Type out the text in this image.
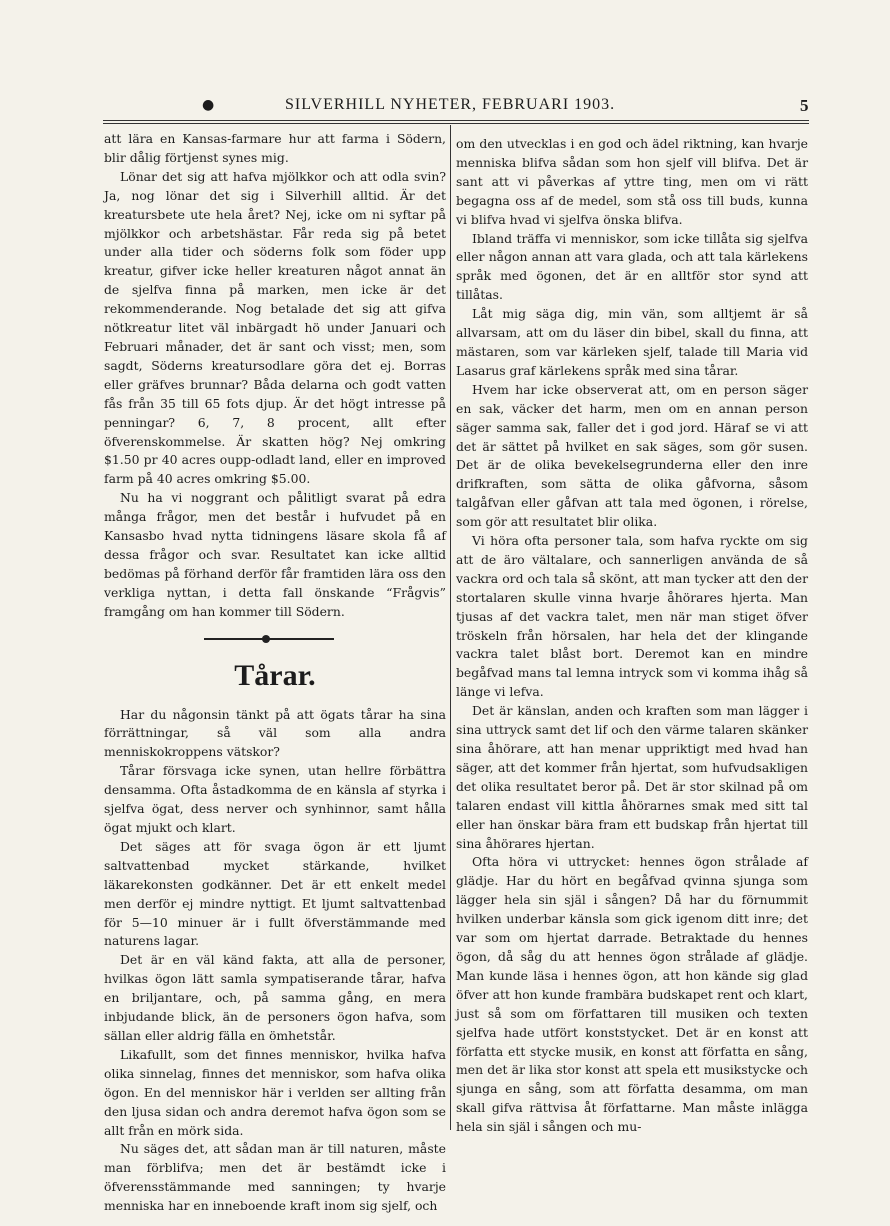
●	SILVERHILL NYHETER, FEBRUARI 1903.	5

att lära en Kansas-farmare hur att farma i Södern, blir dålig förtjenst synes mig.

Lönar det sig att hafva mjölkkor och att odla svin? Ja, nog lönar det sig i Silverhill alltid. Är det kreatursbete ute hela året? Nej, icke om ni syftar på mjölkkor och arbetshästar. Får reda sig på betet under alla tider och söderns folk som föder upp kreatur, gifver icke heller kreaturen något annat än de sjelfva finna på marken, men icke är det rekommenderande. Nog betalade det sig att gifva nötkreatur litet väl inbärgadt hö under Januari och Februari månader, det är sant och visst; men, som sagdt, Söderns kreatursodlare göra det ej. Borras eller gräfves brunnar? Båda delarna och godt vatten fås från 35 till 65 fots djup. Är det högt intresse på penningar? 6, 7, 8 procent, allt efter öfverenskommelse. Är skatten hög? Nej omkring $1.50 pr 40 acres oupp-odladt land, eller en improved farm på 40 acres omkring $5.00.

Nu ha vi noggrant och pålitligt svarat på edra många frågor, men det består i hufvudet på en Kansasbo hvad nytta tidningens läsare skola få af dessa frågor och svar. Resultatet kan icke alltid bedömas på förhand derför får framtiden lära oss den verkliga nyttan, i detta fall önskande “Frågvis” framgång om han kommer till Södern.

Tårar.

Har du någonsin tänkt på att ögats tårar ha sina förrättningar, så väl som alla andra menniskokroppens vätskor?

Tårar försvaga icke synen, utan hellre förbättra densamma. Ofta åstadkomma de en känsla af styrka i sjelfva ögat, dess nerver och synhinnor, samt hålla ögat mjukt och klart.

Det säges att för svaga ögon är ett ljumt saltvattenbad mycket stärkande, hvilket läkarekonsten godkänner. Det är ett enkelt medel men derför ej mindre nyttigt. Et ljumt saltvattenbad för 5—10 minuer är i fullt öfverstämmande med naturens lagar.

Det är en väl känd fakta, att alla de personer, hvilkas ögon lätt samla sympatiserande tårar, hafva en briljantare, och, på samma gång, en mera inbjudande blick, än de personers ögon hafva, som sällan eller aldrig fälla en ömhetstår.

Likafullt, som det finnes menniskor, hvilka hafva olika sinnelag, finnes det menniskor, som hafva olika ögon. En del menniskor här i verlden ser allting från den ljusa sidan och andra deremot hafva ögon som se allt från en mörk sida.

Nu säges det, att sådan man är till naturen, måste man förblifva; men det är bestämdt icke i öfverensstämmande med sanningen; ty hvarje menniska har en inneboende kraft inom sig sjelf, och

om den utvecklas i en god och ädel riktning, kan hvarje menniska blifva sådan som hon sjelf vill blifva. Det är sant att vi påverkas af yttre ting, men om vi rätt begagna oss af de medel, som stå oss till buds, kunna vi blifva hvad vi sjelfva önska blifva.

Ibland träffa vi menniskor, som icke tillåta sig sjelfva eller någon annan att vara glada, och att tala kärlekens språk med ögonen, det är en alltför stor synd att tillåtas.

Låt mig säga dig, min vän, som alltjemt är så allvarsam, att om du läser din bibel, skall du finna, att mästaren, som var kärleken sjelf, talade till Maria vid Lasarus graf kärlekens språk med sina tårar.

Hvem har icke observerat att, om en person säger en sak, väcker det harm, men om en annan person säger samma sak, faller det i god jord. Häraf se vi att det är sättet på hvilket en sak säges, som gör susen. Det är de olika bevekelsegrunderna eller den inre drifkraften, som sätta de olika gåfvorna, såsom talgåfvan eller gåfvan att tala med ögonen, i rörelse, som gör att resultatet blir olika.

Vi höra ofta personer tala, som hafva ryckte om sig att de äro vältalare, och sannerligen använda de så vackra ord och tala så skönt, att man tycker att den der stortalaren skulle vinna hvarje åhörares hjerta. Man tjusas af det vackra talet, men när man stiget öfver tröskeln från hörsalen, har hela det der klingande vackra talet blåst bort. Deremot kan en mindre begåfvad mans tal lemna intryck som vi komma ihåg så länge vi lefva.

Det är känslan, anden och kraften som man lägger i sina uttryck samt det lif och den värme talaren skänker sina åhörare, att han menar uppriktigt med hvad han säger, att det kommer från hjertat, som hufvudsakligen det olika resultatet beror på. Det är stor skilnad på om talaren endast vill kittla åhörarnes smak med sitt tal eller han önskar bära fram ett budskap från hjertat till sina åhörares hjertan.

Ofta höra vi uttrycket: hennes ögon strålade af glädje. Har du hört en begåfvad qvinna sjunga som lägger hela sin själ i sången? Då har du förnummit hvilken underbar känsla som gick igenom ditt inre; det var som om hjertat darrade. Betraktade du hennes ögon, då såg du att hennes ögon strålade af glädje. Man kunde läsa i hennes ögon, att hon kände sig glad öfver att hon kunde frambära budskapet rent och klart, just så som om författaren till musiken och texten sjelfva hade utfört konststycket. Det är en konst att författa ett stycke musik, en konst att författa en sång, men det är lika stor konst att spela ett musikstycke och sjunga en sång, som att författa desamma, om man skall gifva rättvisa åt författarne. Man måste inlägga hela sin själ i sången och mu-
